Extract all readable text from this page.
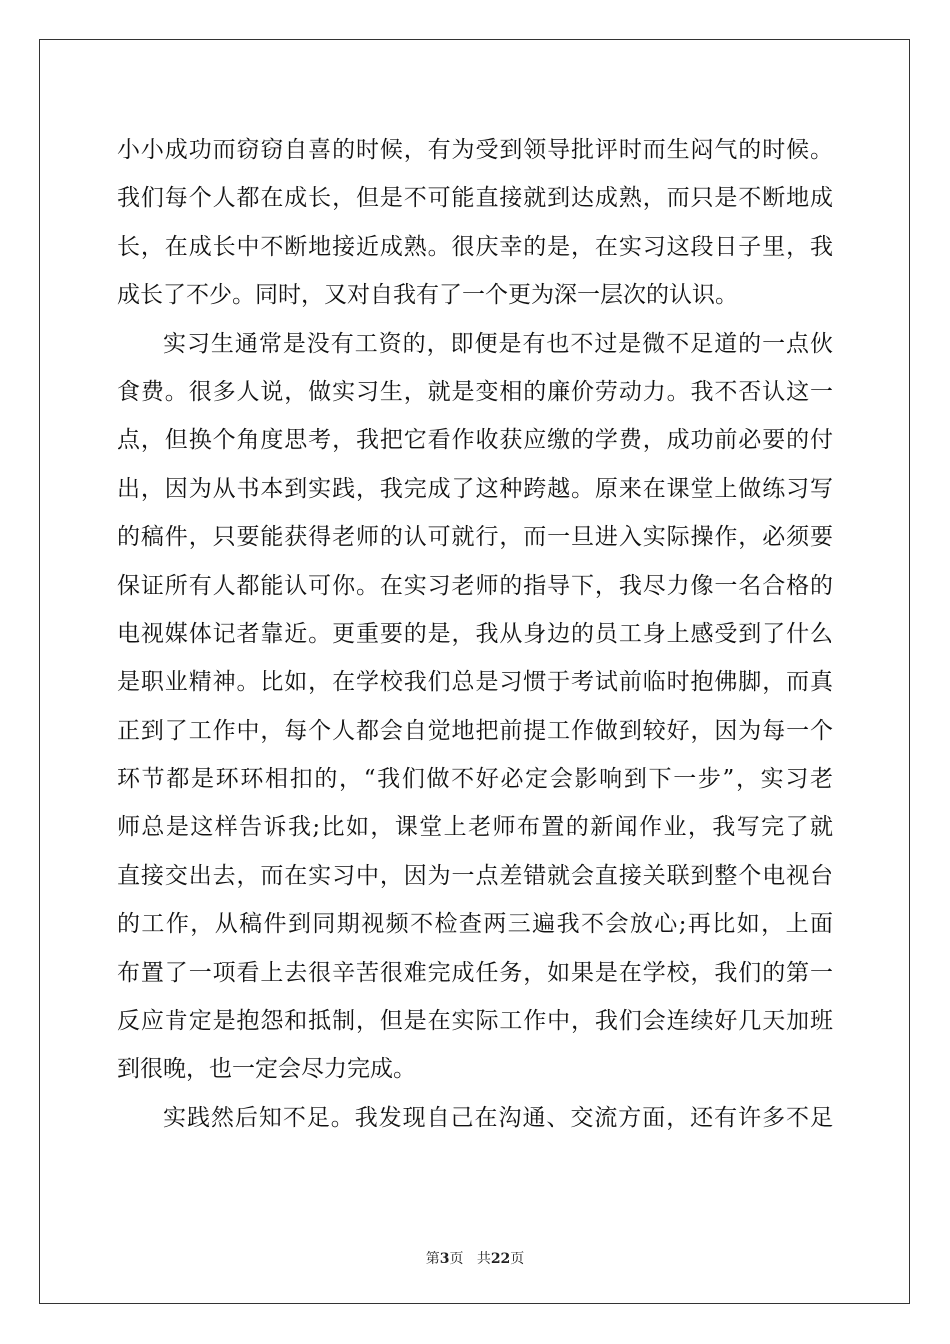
小小成功而窃窃自喜的时候，有为受到领导批评时而生闷气的时候。
我们每个人都在成长，但是不可能直接就到达成熟，而只是不断地成
长，在成长中不断地接近成熟。很庆幸的是，在实习这段日子里，我
成长了不少。同时，又对自我有了一个更为深一层次的认识。
实习生通常是没有工资的，即便是有也不过是微不足道的一点伙
食费。很多人说，做实习生，就是变相的廉价劳动力。我不否认这一
点，但换个角度思考，我把它看作收获应缴的学费，成功前必要的付
出，因为从书本到实践，我完成了这种跨越。原来在课堂上做练习写
的稿件，只要能获得老师的认可就行，而一旦进入实际操作，必须要
保证所有人都能认可你。在实习老师的指导下，我尽力像一名合格的
电视媒体记者靠近。更重要的是，我从身边的员工身上感受到了什么
是职业精神。比如，在学校我们总是习惯于考试前临时抱佛脚，而真
正到了工作中，每个人都会自觉地把前提工作做到较好，因为每一个
环节都是环环相扣的，“我们做不好必定会影响到下一步”，实习老
师总是这样告诉我;比如，课堂上老师布置的新闻作业，我写完了就
直接交出去，而在实习中，因为一点差错就会直接关联到整个电视台
的工作，从稿件到同期视频不检查两三遍我不会放心;再比如，上面
布置了一项看上去很辛苦很难完成任务，如果是在学校，我们的第一
反应肯定是抱怨和抵制，但是在实际工作中，我们会连续好几天加班
到很晚，也一定会尽力完成。
实践然后知不足。我发现自己在沟通、交流方面，还有许多不足
第3页 共22页
